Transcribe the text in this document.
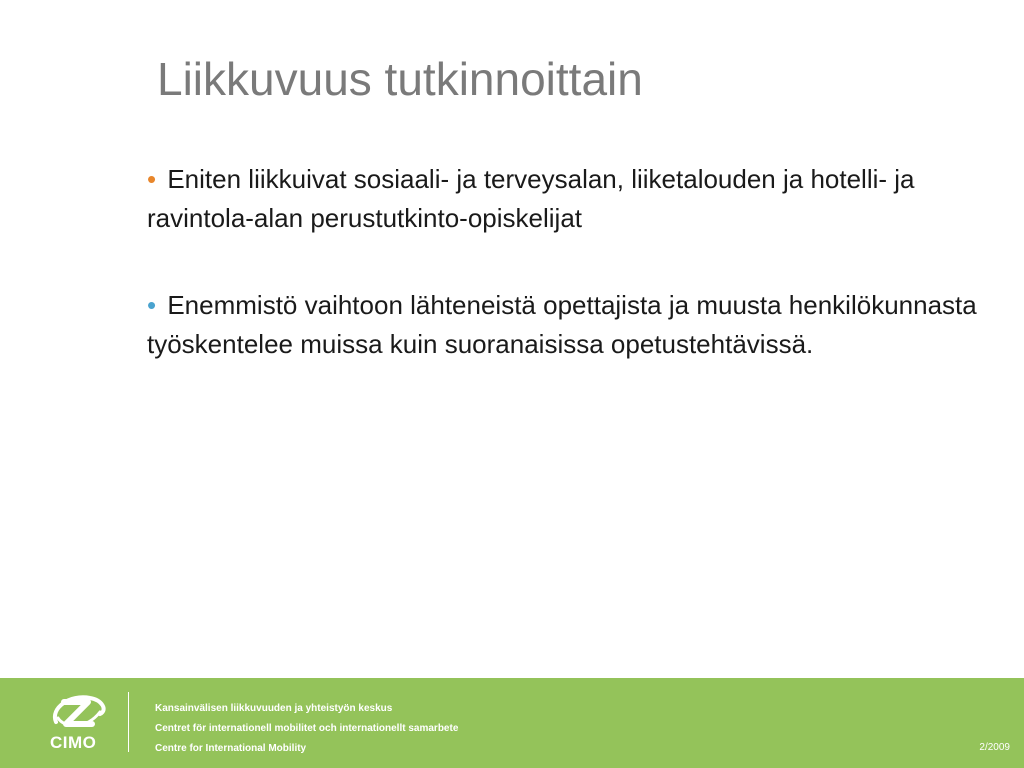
Liikkuvuus tutkinnoittain

• Eniten liikkuivat sosiaali- ja terveysalan, liiketalouden ja hotelli- ja ravintola-alan perustutkinto-opiskelijat

• Enemmistö vaihtoon lähteneistä opettajista ja muusta henkilökunnasta työskentelee muissa kuin suoranaisissa opetustehtävissä.

CIMO
Kansainvälisen liikkuvuuden ja yhteistyön keskus
Centret för internationell mobilitet och internationellt samarbete
Centre for International Mobility	2/2009
